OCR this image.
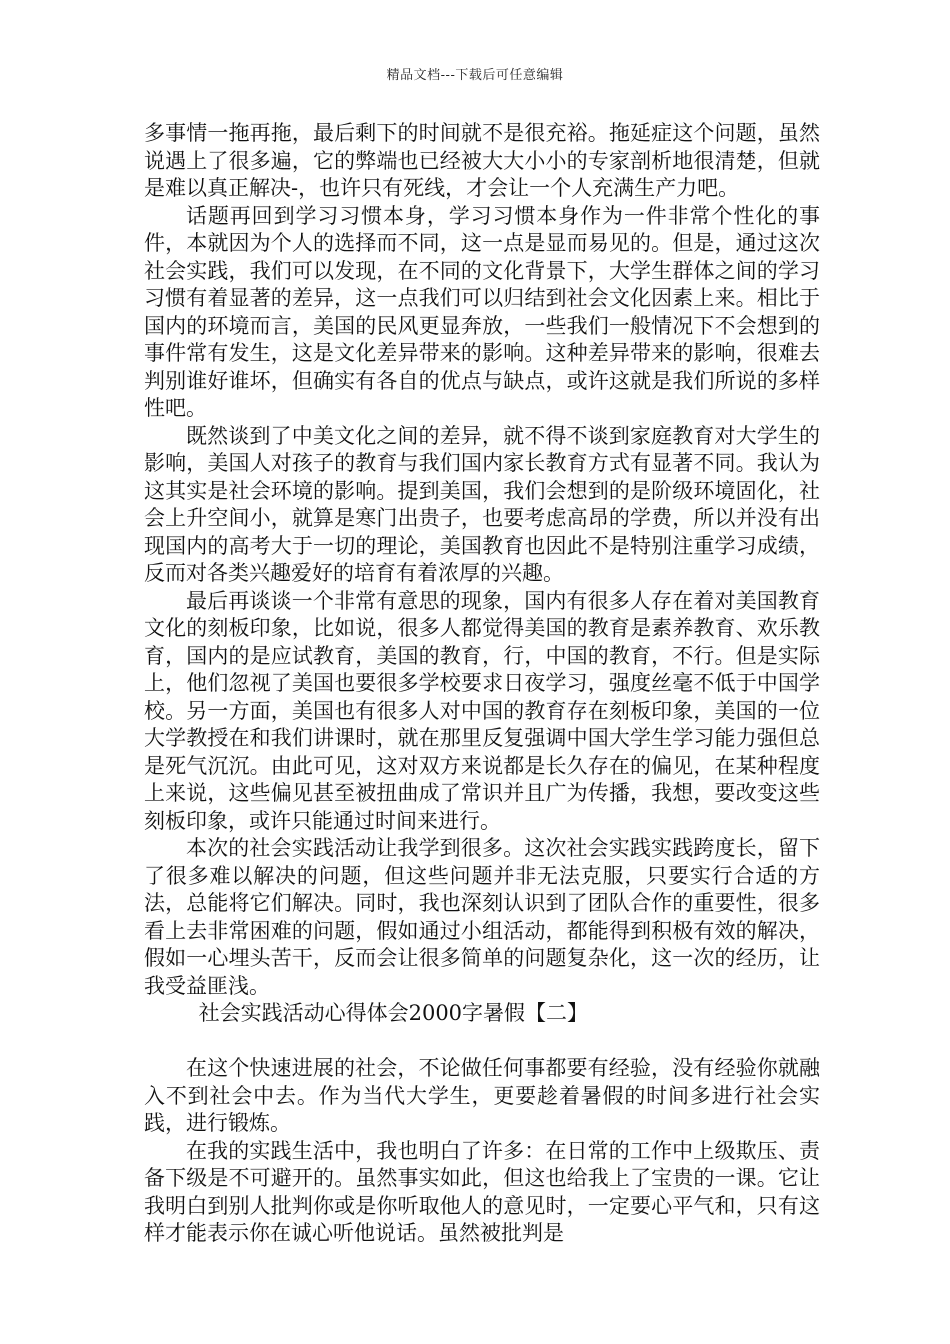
精品文档---下载后可任意编辑

多事情一拖再拖，最后剩下的时间就不是很充裕。拖延症这个问题，虽然说遇上了很多遍，它的弊端也已经被大大小小的专家剖析地很清楚，但就是难以真正解决-，也许只有死线，才会让一个人充满生产力吧。

话题再回到学习习惯本身，学习习惯本身作为一件非常个性化的事件，本就因为个人的选择而不同，这一点是显而易见的。但是，通过这次社会实践，我们可以发现，在不同的文化背景下，大学生群体之间的学习习惯有着显著的差异，这一点我们可以归结到社会文化因素上来。相比于国内的环境而言，美国的民风更显奔放，一些我们一般情况下不会想到的事件常有发生，这是文化差异带来的影响。这种差异带来的影响，很难去判别谁好谁坏，但确实有各自的优点与缺点，或许这就是我们所说的多样性吧。

既然谈到了中美文化之间的差异，就不得不谈到家庭教育对大学生的影响，美国人对孩子的教育与我们国内家长教育方式有显著不同。我认为这其实是社会环境的影响。提到美国，我们会想到的是阶级环境固化，社会上升空间小，就算是寒门出贵子，也要考虑高昂的学费，所以并没有出现国内的高考大于一切的理论，美国教育也因此不是特别注重学习成绩，反而对各类兴趣爱好的培育有着浓厚的兴趣。

最后再谈谈一个非常有意思的现象，国内有很多人存在着对美国教育文化的刻板印象，比如说，很多人都觉得美国的教育是素养教育、欢乐教育，国内的是应试教育，美国的教育，行，中国的教育，不行。但是实际上，他们忽视了美国也要很多学校要求日夜学习，强度丝毫不低于中国学校。另一方面，美国也有很多人对中国的教育存在刻板印象，美国的一位大学教授在和我们讲课时，就在那里反复强调中国大学生学习能力强但总是死气沉沉。由此可见，这对双方来说都是长久存在的偏见，在某种程度上来说，这些偏见甚至被扭曲成了常识并且广为传播，我想，要改变这些刻板印象，或许只能通过时间来进行。

本次的社会实践活动让我学到很多。这次社会实践实践跨度长，留下了很多难以解决的问题，但这些问题并非无法克服，只要实行合适的方法，总能将它们解决。同时，我也深刻认识到了团队合作的重要性，很多看上去非常困难的问题，假如通过小组活动，都能得到积极有效的解决，假如一心埋头苦干，反而会让很多简单的问题复杂化，这一次的经历，让我受益匪浅。

社会实践活动心得体会2000字暑假【二】

在这个快速进展的社会，不论做任何事都要有经验，没有经验你就融入不到社会中去。作为当代大学生，更要趁着暑假的时间多进行社会实践，进行锻炼。

在我的实践生活中，我也明白了许多：在日常的工作中上级欺压、责备下级是不可避开的。虽然事实如此，但这也给我上了宝贵的一课。它让我明白到别人批判你或是你听取他人的意见时，一定要心平气和，只有这样才能表示你在诚心听他说话。虽然被批判是
